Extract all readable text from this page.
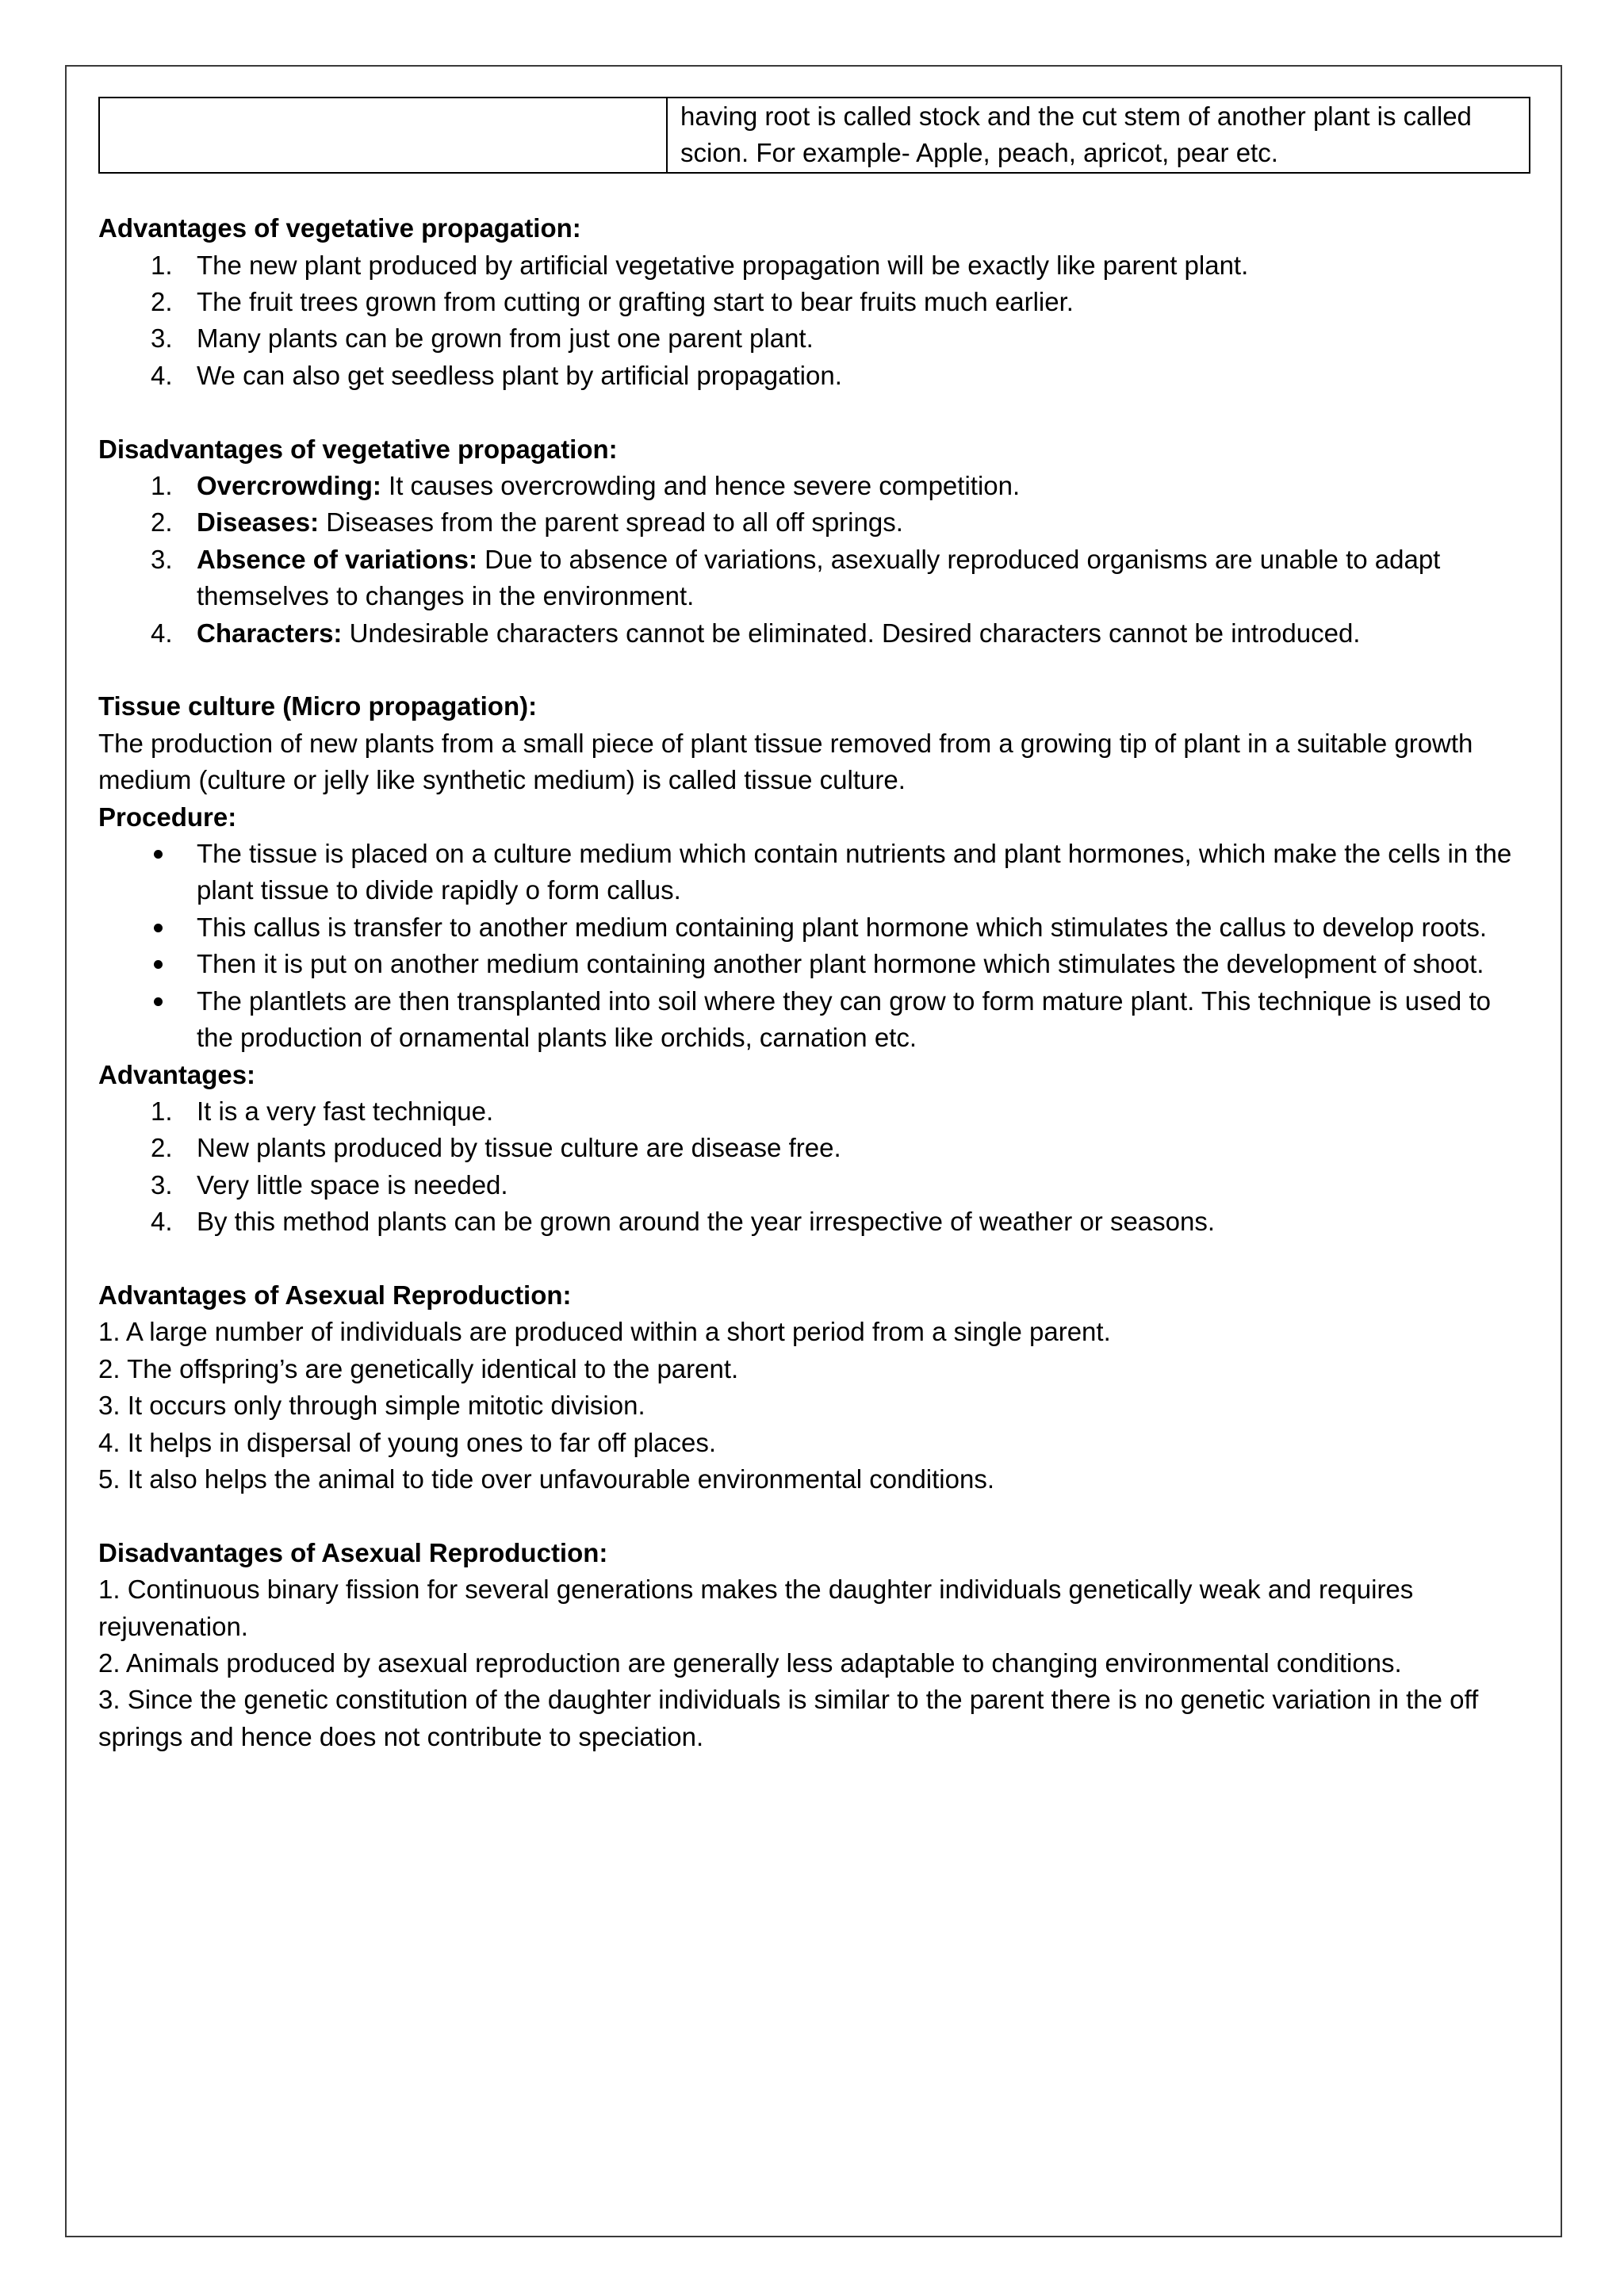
	having root is called stock and the cut stem of another plant is called scion. For example- Apple, peach, apricot, pear etc.
Advantages of vegetative propagation:
1. The new plant produced by artificial vegetative propagation will be exactly like parent plant.
2. The fruit trees grown from cutting or grafting start to bear fruits much earlier.
3. Many plants can be grown from just one parent plant.
4. We can also get seedless plant by artificial propagation.
Disadvantages of vegetative propagation:
1. Overcrowding: It causes overcrowding and hence severe competition.
2. Diseases: Diseases from the parent spread to all off springs.
3. Absence of variations: Due to absence of variations, asexually reproduced organisms are unable to adapt themselves to changes in the environment.
4. Characters: Undesirable characters cannot be eliminated. Desired characters cannot be introduced.
Tissue culture (Micro propagation):

The production of new plants from a small piece of plant tissue removed from a growing tip of plant in a suitable growth medium (culture or jelly like synthetic medium) is called tissue culture.

Procedure:
The tissue is placed on a culture medium which contain nutrients and plant hormones, which make the cells in the plant tissue to divide rapidly o form callus.
This callus is transfer to another medium containing plant hormone which stimulates the callus to develop roots.
Then it is put on another medium containing another plant hormone which stimulates the development of shoot.
The plantlets are then transplanted into soil where they can grow to form mature plant. This technique is used to the production of ornamental plants like orchids, carnation etc.
Advantages:
1. It is a very fast technique.
2. New plants produced by tissue culture are disease free.
3. Very little space is needed.
4. By this method plants can be grown around the year irrespective of weather or seasons.
Advantages of Asexual Reproduction:
1. A large number of individuals are produced within a short period from a single parent.
2. The offspring’s are genetically identical to the parent.
3. It occurs only through simple mitotic division.
4. It helps in dispersal of young ones to far off places.
5. It also helps the animal to tide over unfavourable environmental conditions.
Disadvantages of Asexual Reproduction:
1. Continuous binary fission for several generations makes the daughter individuals genetically weak and requires rejuvenation.
2. Animals produced by asexual reproduction are generally less adaptable to changing environmental conditions.
3. Since the genetic constitution of the daughter individuals is similar to the parent there is no genetic variation in the off springs and hence does not contribute to speciation.
